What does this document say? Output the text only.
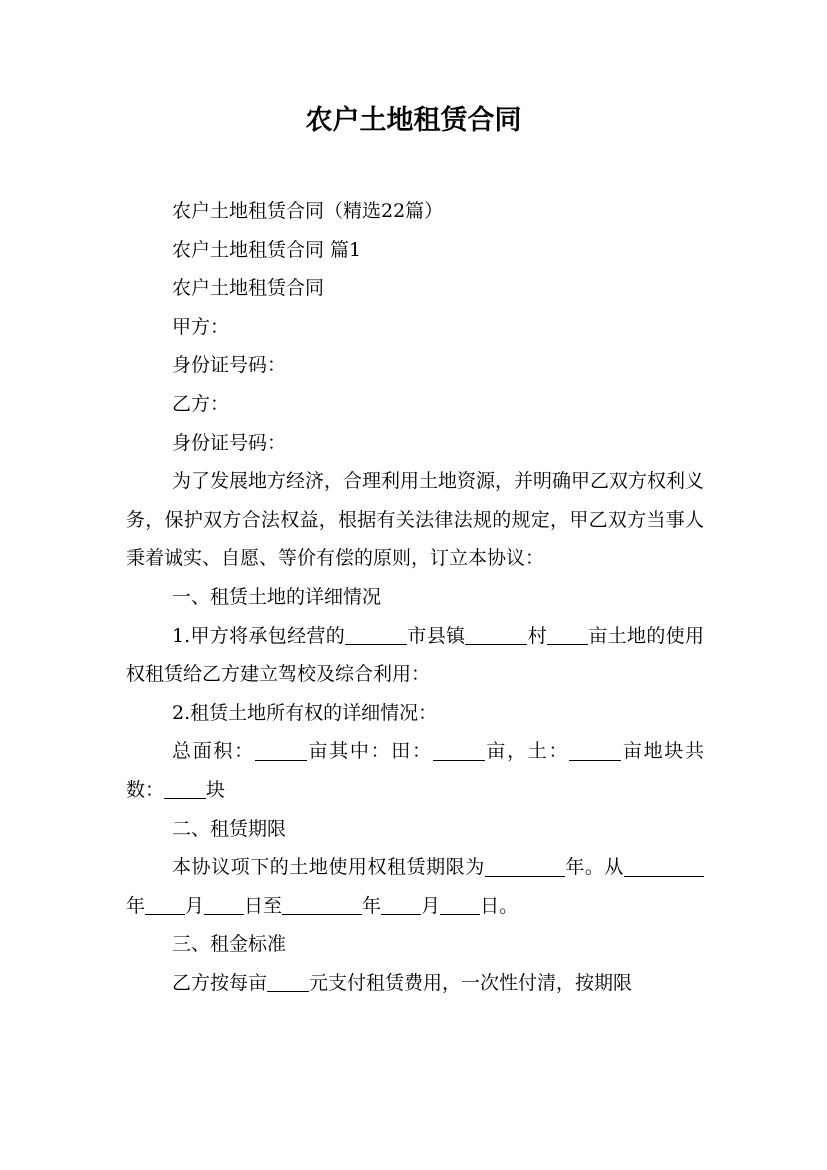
农户土地租赁合同

农户土地租赁合同（精选22篇）

农户土地租赁合同 篇1

农户土地租赁合同

甲方：

身份证号码：

乙方：

身份证号码：

为了发展地方经济，合理利用土地资源，并明确甲乙双方权利义务，保护双方合法权益，根据有关法律法规的规定，甲乙双方当事人秉着诚实、自愿、等价有偿的原则，订立本协议：

一、租赁土地的详细情况

1.甲方将承包经营的	市县镇	村 亩土地的使用权租赁给乙方建立驾校及综合利用：

2.租赁土地所有权的详细情况：

总面积：	亩其中：田：	亩，土：	亩地块共数： 块

二、租赁期限

本协议项下的土地使用权租赁期限为	年。从年 月 日至	年 月 日。

三、租金标准

乙方按每亩 元支付租赁费用，一次性付清，按期限
